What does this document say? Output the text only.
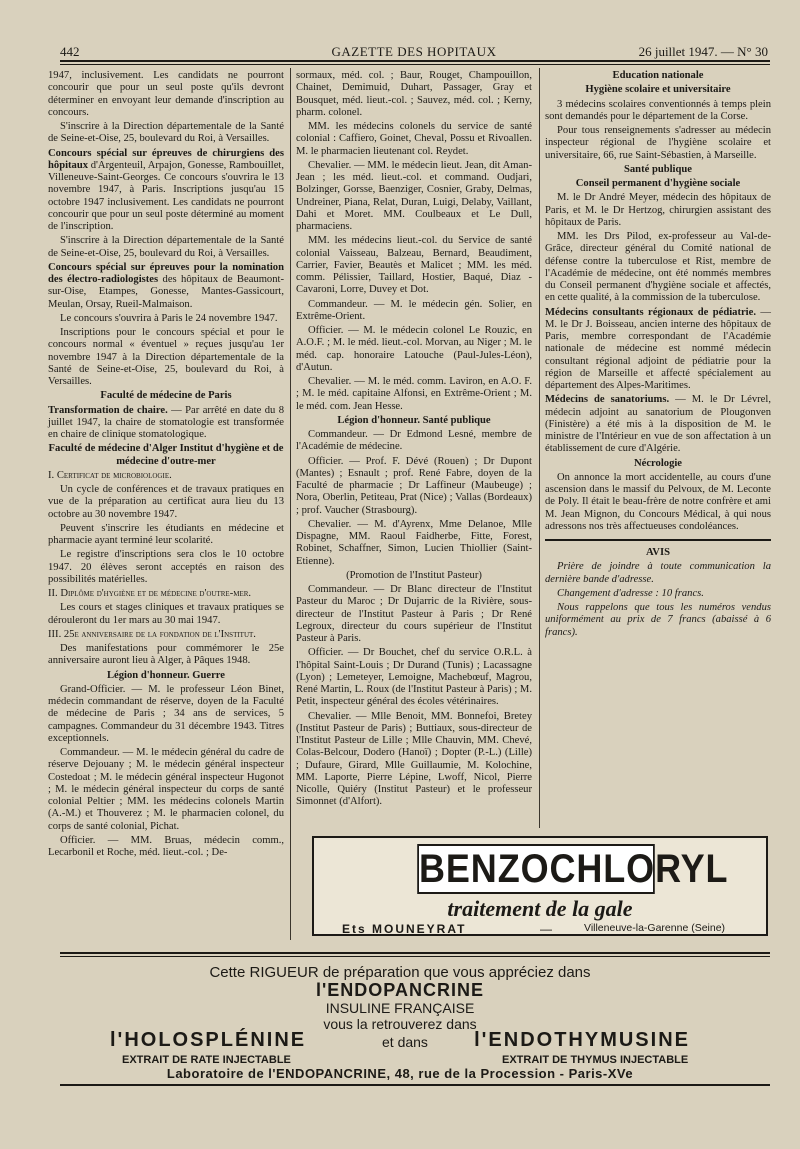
442	GAZETTE DES HOPITAUX	26 juillet 1947. — N° 30

1947, inclusivement. Les candidats ne pourront concourir que pour un seul poste qu'ils devront déterminer en envoyant leur demande d'inscription au concours.

S'inscrire à la Direction départementale de la Santé de Seine-et-Oise, 25, boulevard du Roi, à Versailles.

Concours spécial sur épreuves de chirurgiens des hôpitaux d'Argenteuil, Arpajon, Gonesse, Rambouillet, Villeneuve-Saint-Georges. Ce concours s'ouvrira le 13 novembre 1947, à Paris. Inscriptions jusqu'au 15 octobre 1947 inclusivement. Les candidats ne pourront concourir que pour un seul poste déterminé au moment de l'inscription.

S'inscrire à la Direction départementale de la Santé de Seine-et-Oise, 25, boulevard du Roi, à Versailles.

Concours spécial sur épreuves pour la nomination des électro-radiologistes des hôpitaux de Beaumont-sur-Oise, Etampes, Gonesse, Mantes-Gassicourt, Meulan, Orsay, Rueil-Malmaison.

Le concours s'ouvrira à Paris le 24 novembre 1947.

Inscriptions pour le concours spécial et pour le concours normal « éventuel » reçues jusqu'au 1er novembre 1947 à la Direction départementale de la Santé de Seine-et-Oise, 25, boulevard du Roi, à Versailles.

Faculté de médecine de Paris

Transformation de chaire. — Par arrêté en date du 8 juillet 1947, la chaire de stomatologie est transformée en chaire de clinique stomatologique.

Faculté de médecine d'Alger Institut d'hygiène et de médecine d'outre-mer

I. Certificat de microbiologie.

Un cycle de conférences et de travaux pratiques en vue de la préparation au certificat aura lieu du 13 octobre au 30 novembre 1947.

Peuvent s'inscrire les étudiants en médecine et pharmacie ayant terminé leur scolarité.

Le registre d'inscriptions sera clos le 10 octobre 1947. 20 élèves seront acceptés en raison des possibilités matérielles.

II. Diplôme d'hygiène et de médecine d'outre-mer.

Les cours et stages cliniques et travaux pratiques se dérouleront du 1er mars au 30 mai 1947.

III. 25e anniversaire de la fondation de l'Institut.

Des manifestations pour commémorer le 25e anniversaire auront lieu à Alger, à Pâques 1948.

Légion d'honneur. Guerre

Grand-Officier. — M. le professeur Léon Binet, médecin commandant de réserve, doyen de la Faculté de médecine de Paris ; 34 ans de services, 5 campagnes. Commandeur du 31 décembre 1943. Titres exceptionnels.

Commandeur. — M. le médecin général du cadre de réserve Dejouany ; M. le médecin général inspecteur Costedoat ; M. le médecin général inspecteur Hugonot ; M. le médecin général inspecteur du corps de santé colonial Peltier ; MM. les médecins colonels Martin (A.-M.) et Thouverez ; M. le pharmacien colonel, du corps de santé colonial, Pichat.

Officier. — MM. Bruas, médecin comm., Lecarbonil et Roche, méd. lieut.-col. ; De-

sormaux, méd. col. ; Baur, Rouget, Champouillon, Chainet, Demimuid, Duhart, Passager, Gray et Bousquet, méd. lieut.-col. ; Sauvez, méd. col. ; Kerny, pharm. colonel.

MM. les médecins colonels du service de santé colonial : Caffiero, Goinet, Cheval, Possu et Rivoallen. M. le pharmacien lieutenant col. Reydet.

Chevalier. — MM. le médecin lieut. Jean, dit Aman-Jean ; les méd. lieut.-col. et command. Oudjari, Bolzinger, Gorsse, Baenziger, Cosnier, Graby, Delmas, Undreiner, Piana, Relat, Duran, Luigi, Delaby, Vaillant, Dahi et Moret. MM. Coulbeaux et Le Dull, pharmaciens.

MM. les médecins lieut.-col. du Service de santé colonial Vaisseau, Balzeau, Bernard, Beaudiment, Carrier, Favier, Beautès et Malicet ; MM. les méd. comm. Pélissier, Taillard, Hostier, Baqué, Diaz - Cavaroni, Lorre, Duvey et Dot.

Commandeur. — M. le médecin gén. Solier, en Extrême-Orient.

Officier. — M. le médecin colonel Le Rouzic, en A.O.F. ; M. le méd. lieut.-col. Morvan, au Niger ; M. le méd. cap. honoraire Latouche (Paul-Jules-Léon), d'Autun.

Chevalier. — M. le méd. comm. Laviron, en A.O. F. ; M. le méd. capitaine Alfonsi, en Extrême-Orient ; M. le méd. com. Jean Hesse.

Légion d'honneur. Santé publique

Commandeur. — Dr Edmond Lesné, membre de l'Académie de médecine.

Officier. — Prof. F. Dévé (Rouen) ; Dr Dupont (Mantes) ; Esnault ; prof. René Fabre, doyen de la Faculté de pharmacie ; Dr Laffineur (Maubeuge) ; Nora, Oberlin, Petiteau, Prat (Nice) ; Vallas (Bordeaux) ; prof. Vaucher (Strasbourg).

Chevalier. — M. d'Ayrenx, Mme Delanoe, Mlle Dispagne, MM. Raoul Faidherbe, Fitte, Forest, Robinet, Schaffner, Simon, Lucien Thiollier (Saint-Etienne).

(Promotion de l'Institut Pasteur)

Commandeur. — Dr Blanc directeur de l'Institut Pasteur du Maroc ; Dr Dujarric de la Rivière, sous-directeur de l'Institut Pasteur à Paris ; Dr René Legroux, directeur du cours supérieur de l'Institut Pasteur à Paris.

Officier. — Dr Bouchet, chef du service O.R.L. à l'hôpital Saint-Louis ; Dr Durand (Tunis) ; Lacassagne (Lyon) ; Lemeteyer, Lemoigne, Machebœuf, Magrou, René Martin, L. Roux (de l'Institut Pasteur à Paris) ; M. Petit, inspecteur général des écoles vétérinaires.

Chevalier. — Mlle Benoit, MM. Bonnefoi, Bretey (Institut Pasteur de Paris) ; Buttiaux, sous-directeur de l'Institut Pasteur de Lille ; Mlle Chauvin, MM. Chevé, Colas-Belcour, Dodero (Hanoï) ; Dopter (P.-L.) (Lille) ; Dufaure, Girard, Mlle Guillaumie, M. Kolochine, MM. Laporte, Pierre Lépine, Lwoff, Nicol, Pierre Nicolle, Quiéry (Institut Pasteur) et le professeur Simonnet (d'Alfort).

Education nationale

Hygiène scolaire et universitaire

3 médecins scolaires conventionnés à temps plein sont demandés pour le département de la Corse.

Pour tous renseignements s'adresser au médecin inspecteur régional de l'hygiène scolaire et universitaire, 66, rue Saint-Sébastien, à Marseille.

Santé publique

Conseil permanent d'hygiène sociale

M. le Dr André Meyer, médecin des hôpitaux de Paris, et M. le Dr Hertzog, chirurgien assistant des hôpitaux de Paris.

MM. les Drs Pilod, ex-professeur au Val-de-Grâce, directeur général du Comité national de défense contre la tuberculose et Rist, membre de l'Académie de médecine, ont été nommés membres du Conseil permanent d'hygiène sociale et affectés, en cette qualité, à la commission de la tuberculose.

Médecins consultants régionaux de pédiatrie. — M. le Dr J. Boisseau, ancien interne des hôpitaux de Paris, membre correspondant de l'Académie nationale de médecine est nommé médecin consultant régional adjoint de pédiatrie pour la région de Marseille et affecté spécialement au département des Alpes-Maritimes.

Médecins de sanatoriums. — M. le Dr Lévrel, médecin adjoint au sanatorium de Plougonven (Finistère) a été mis à la disposition de M. le ministre de l'Intérieur en vue de son affectation à un établissement de cure d'Algérie.

Nécrologie

On annonce la mort accidentelle, au cours d'une ascension dans le massif du Pelvoux, de M. Leconte de Poly. Il était le beau-frère de notre confrère et ami M. Jean Mignon, du Concours Médical, à qui nous adressons nos très affectueuses condoléances.

AVIS

Prière de joindre à toute communication la dernière bande d'adresse.

Changement d'adresse : 10 francs.

Nous rappelons que tous les numéros vendus uniformément au prix de 7 francs (abaissé à 6 francs).

BENZOCHLORYL
traitement de la gale
Ets MOUNEYRAT	—	Villeneuve-la-Garenne (Seine)
Cette RIGUEUR de préparation que vous appréciez dans
l'ENDOPANCRINE
INSULINE FRANÇAISE
vous la retrouverez dans
l'HOLOSPLÉNINE	et dans l'ENDOTHYMUSINE
EXTRAIT DE RATE INJECTABLE	EXTRAIT DE THYMUS INJECTABLE
Laboratoire de l'ENDOPANCRINE, 48, rue de la Procession - Paris-XVe
